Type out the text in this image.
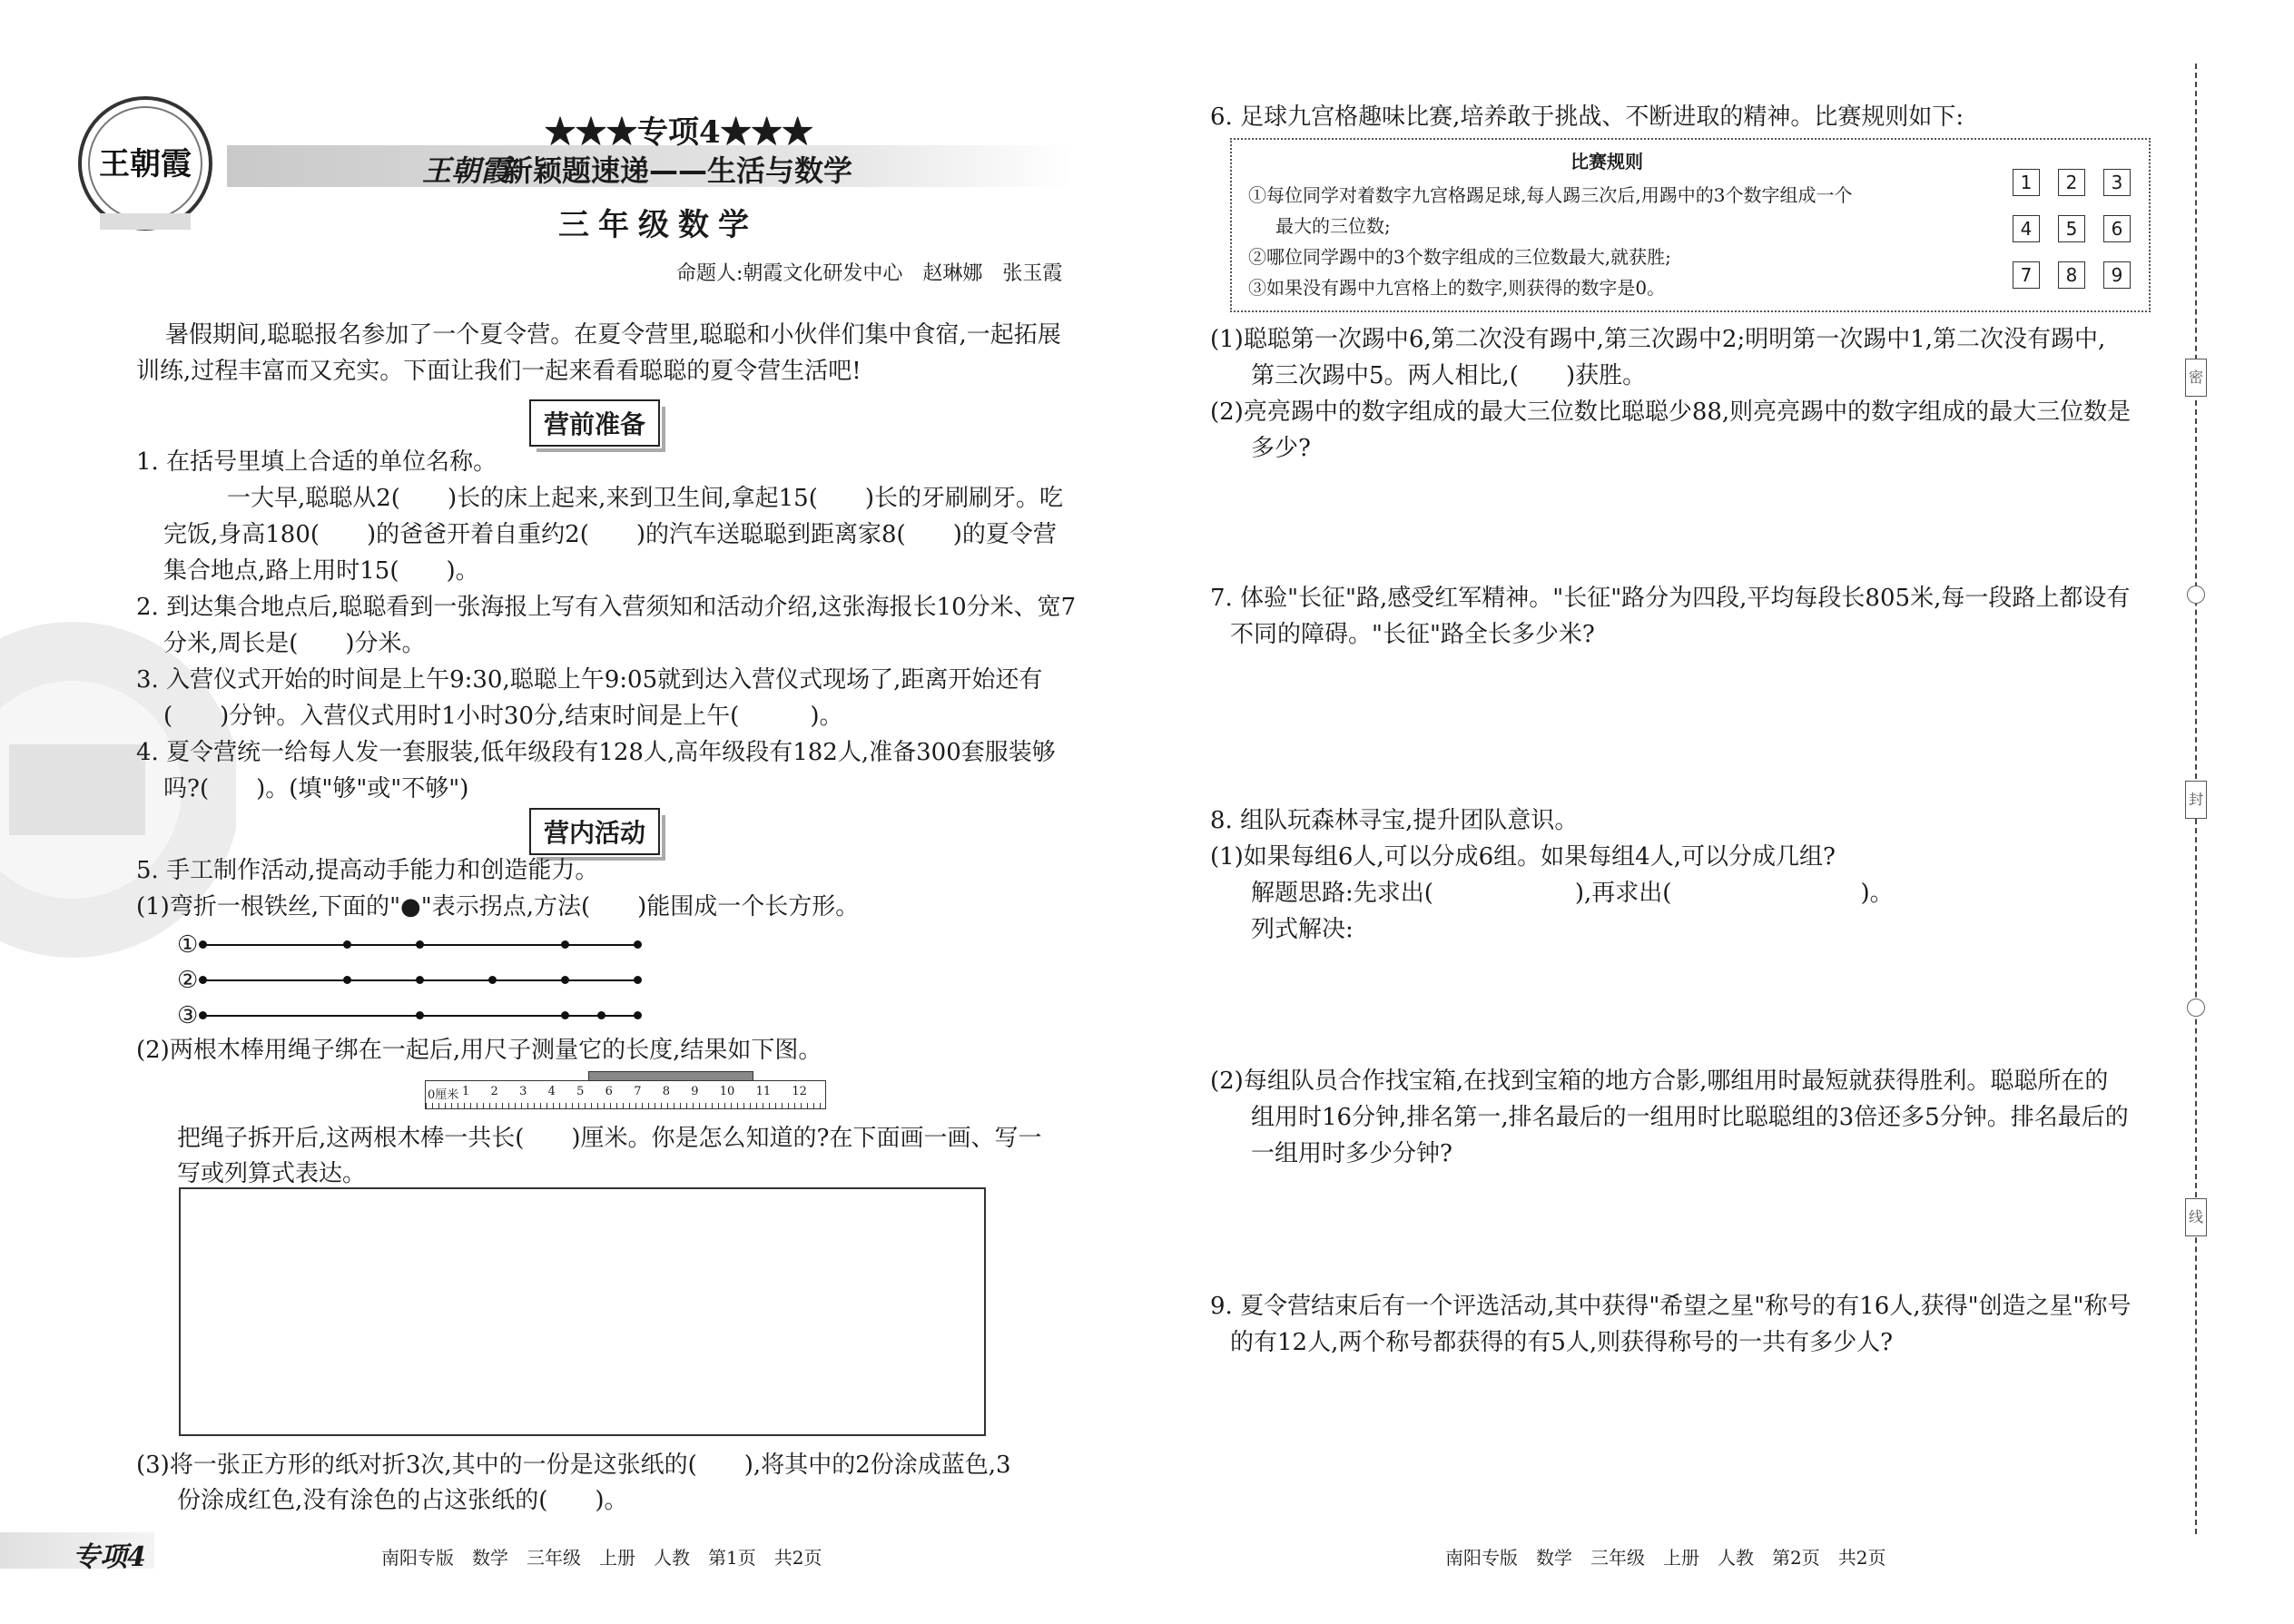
王朝霞
★★★专项4★★★
王朝霞
新颖题速递——生活与数学
三年级数学
命题人:朝霞文化研发中心　赵琳娜　张玉霞
暑假期间,聪聪报名参加了一个夏令营。在夏令营里,聪聪和小伙伴们集中食宿,一起拓展
训练,过程丰富而又充实。下面让我们一起来看看聪聪的夏令营生活吧!
营前准备
1. 在括号里填上合适的单位名称。
一大早,聪聪从2(　　)长的床上起来,来到卫生间,拿起15(　　)长的牙刷刷牙。吃
完饭,身高180(　　)的爸爸开着自重约2(　　)的汽车送聪聪到距离家8(　　)的夏令营
集合地点,路上用时15(　　)。
2. 到达集合地点后,聪聪看到一张海报上写有入营须知和活动介绍,这张海报长10分米、宽7
分米,周长是(　　)分米。
3. 入营仪式开始的时间是上午9:30,聪聪上午9:05就到达入营仪式现场了,距离开始还有
(　　)分钟。入营仪式用时1小时30分,结束时间是上午(　　　)。
4. 夏令营统一给每人发一套服装,低年级段有128人,高年级段有182人,准备300套服装够
吗?(　　)。(填"够"或"不够")
营内活动
5. 手工制作活动,提高动手能力和创造能力。
(1)弯折一根铁丝,下面的"●"表示拐点,方法(　　)能围成一个长方形。
①
②
③
(2)两根木棒用绳子绑在一起后,用尺子测量它的长度,结果如下图。
0厘米 1 2 3 4 5 6 7 8 9 10 11 12
把绳子拆开后,这两根木棒一共长(　　)厘米。你是怎么知道的?在下面画一画、写一
写或列算式表达。
(3)将一张正方形的纸对折3次,其中的一份是这张纸的(　　),将其中的2份涂成蓝色,3
份涂成红色,没有涂色的占这张纸的(　　)。
专项4	南阳专版　数学　三年级　上册　人教　第1页　共2页
6. 足球九宫格趣味比赛,培养敢于挑战、不断进取的精神。比赛规则如下:
比赛规则
①每位同学对着数字九宫格踢足球,每人踢三次后,用踢中的3个数字组成一个
最大的三位数;
②哪位同学踢中的3个数字组成的三位数最大,就获胜;
③如果没有踢中九宫格上的数字,则获得的数字是0。
1	2	3
4	5	6
7	8	9
(1)聪聪第一次踢中6,第二次没有踢中,第三次踢中2;明明第一次踢中1,第二次没有踢中,
第三次踢中5。两人相比,(　　)获胜。
(2)亮亮踢中的数字组成的最大三位数比聪聪少88,则亮亮踢中的数字组成的最大三位数是
多少?
7. 体验"长征"路,感受红军精神。"长征"路分为四段,平均每段长805米,每一段路上都设有
不同的障碍。"长征"路全长多少米?
8. 组队玩森林寻宝,提升团队意识。
(1)如果每组6人,可以分成6组。如果每组4人,可以分成几组?
解题思路:先求出(　　　　　　),再求出(　　　　　　　　)。
列式解决:
(2)每组队员合作找宝箱,在找到宝箱的地方合影,哪组用时最短就获得胜利。聪聪所在的
组用时16分钟,排名第一,排名最后的一组用时比聪聪组的3倍还多5分钟。排名最后的
一组用时多少分钟?
9. 夏令营结束后有一个评选活动,其中获得"希望之星"称号的有16人,获得"创造之星"称号
的有12人,两个称号都获得的有5人,则获得称号的一共有多少人?
南阳专版　数学　三年级　上册　人教　第2页　共2页
密
封
线
